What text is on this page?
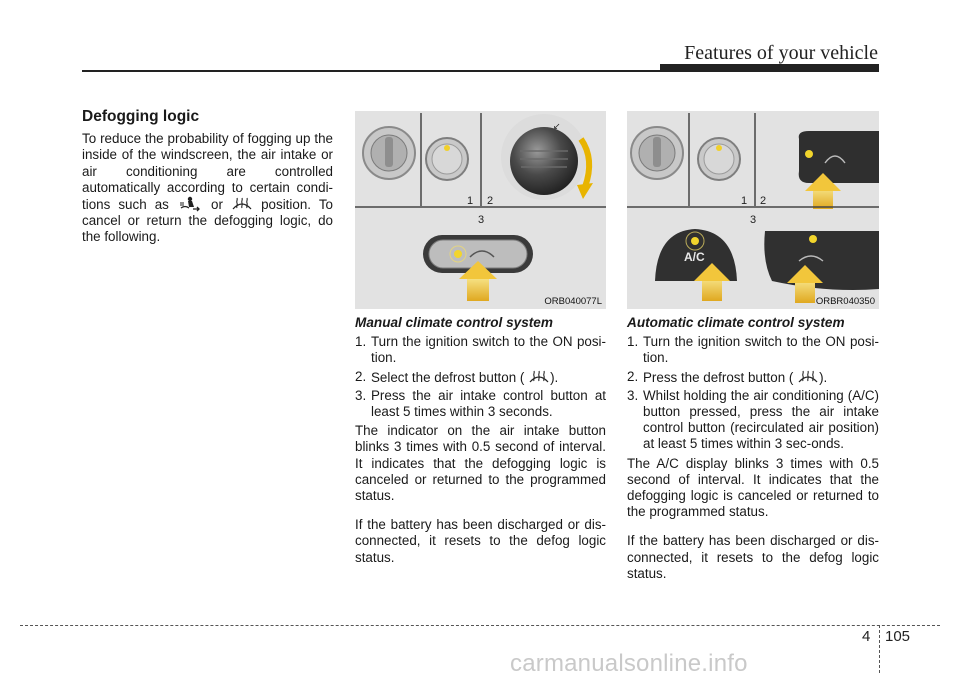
Features of your vehicle
Defogging logic

To reduce the probability of fogging up the inside of the windscreen, the air intake or air conditioning are controlled automatically according to certain condi- tions such as	or	position. To cancel or return the defogging logic, do the following.

↙
1 2
3
ORB040077L
1 2
3
A/C
ORBR040350
Manual climate control system
1. Turn the ignition switch to the ON posi-tion.
2. Select the defrost button ( ).
3. Press the air intake control button at least 5 times within 3 seconds.

The indicator on the air intake button blinks 3 times with 0.5 second of interval. It indicates that the defogging logic is canceled or returned to the programmed status.

If the battery has been discharged or dis-connected, it resets to the defog logic status.

Automatic climate control system
1. Turn the ignition switch to the ON posi-tion.
2. Press the defrost button ( ).
3. Whilst holding the air conditioning (A/C) button pressed, press the air intake control button (recirculated air position) at least 5 times within 3 sec-onds.

The A/C display blinks 3 times with 0.5 second of interval. It indicates that the defogging logic is canceled or returned to the programmed status.

If the battery has been discharged or dis-connected, it resets to the defog logic status.

4 105
carmanualsonline.info
